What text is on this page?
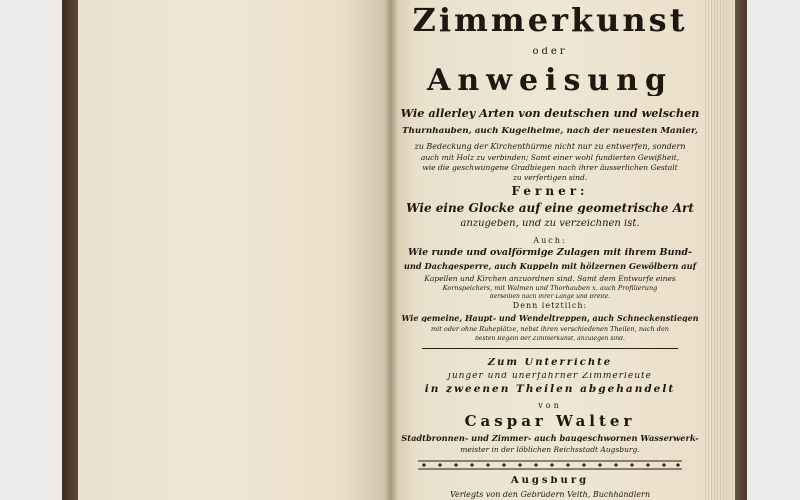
Zimmerkunst
oder
Anweisung
Wie allerley Arten von deutschen und welschen
Thurnhauben, auch Kugelhelme, nach der neuesten Manier,
zu Bedeckung der Kirchenthürme nicht nur zu entwerfen, sondern
auch mit Holz zu verbinden; Samt einer wohl fundierten Gewißheit,
wie die geschwungene Gradbiegen nach ihrer äusserlichen Gestalt
zu verfertigen sind.
Ferner:
Wie eine Glocke auf eine geometrische Art
anzugeben, und zu verzeichnen ist.
Auch:
Wie runde und ovalförmige Zulagen mit ihrem Bund-
und Dachgesperre, auch Kuppeln mit hölzernen Gewölbern auf
Kapellen und Kirchen anzuordnen sind. Samt dem Entwurfe eines
Kornspeichers, mit Walmen und Thorhauben x. auch Profilierung
derselben nach ihrer Länge und Breite.
Denn letztlich:
Wie gemeine, Haupt- und Wendeltreppen, auch Schneckenstiegen
mit oder ohne Ruheplätze, nebst ihren verschiedenen Theilen, nach den
besten Regeln der Zimmerkunst, anzulegen sind.
Zum Unterrichte
junger und unerfahrner Zimmerleute
in zweenen Theilen abgehandelt
von
Caspar Walter
Stadtbronnen- und Zimmer- auch baugeschwornen Wasserwerk-
meister in der löblichen Reichsstadt Augsburg.
Augsburg
Verlegts von den Gebrüdern Veith, Buchhändlern
